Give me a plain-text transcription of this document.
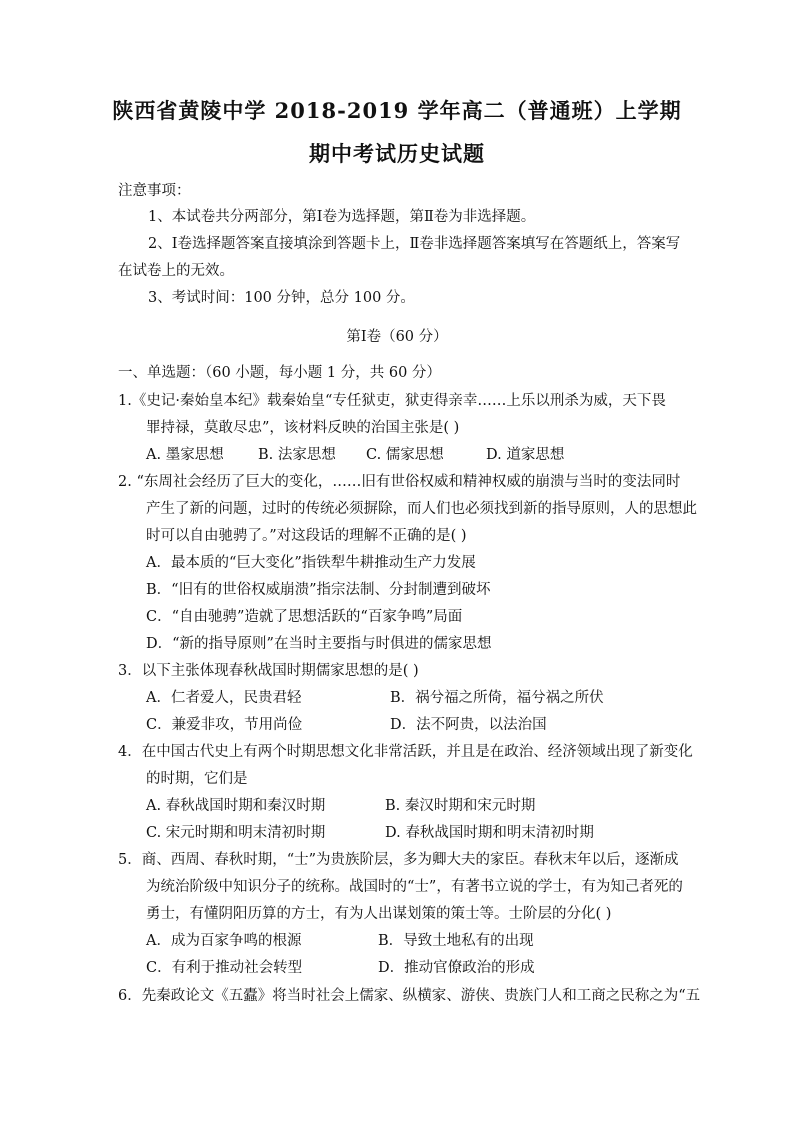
陕西省黄陵中学 2018-2019 学年高二（普通班）上学期
期中考试历史试题
注意事项：
1、本试卷共分两部分，第Ⅰ卷为选择题，第Ⅱ卷为非选择题。
2、Ⅰ卷选择题答案直接填涂到答题卡上，Ⅱ卷非选择题答案填写在答题纸上，答案写
在试卷上的无效。
3、考试时间：100 分钟，总分 100 分。
第Ⅰ卷（60 分）
一、单选题：（60 小题，每小题 1 分，共 60 分）
1.《史记·秦始皇本纪》载秦始皇“专任狱吏，狱吏得亲幸……上乐以刑杀为威，天下畏
罪持禄，莫敢尽忠”，该材料反映的治国主张是( )
A. 墨家思想 B. 法家思想 C. 儒家思想	D. 道家思想
2. “东周社会经历了巨大的变化，……旧有世俗权威和精神权威的崩溃与当时的变法同时
产生了新的问题，过时的传统必须摒除，而人们也必须找到新的指导原则，人的思想此
时可以自由驰骋了。”对这段话的理解不正确的是( )
A．最本质的“巨大变化”指铁犁牛耕推动生产力发展
B．“旧有的世俗权威崩溃”指宗法制、分封制遭到破坏
C．“自由驰骋”造就了思想活跃的“百家争鸣”局面
D．“新的指导原则”在当时主要指与时俱进的儒家思想
3．以下主张体现春秋战国时期儒家思想的是( )
A．仁者爱人，民贵君轻	B．祸兮福之所倚，福兮祸之所伏
C．兼爱非攻，节用尚俭	D．法不阿贵，以法治国
4．在中国古代史上有两个时期思想文化非常活跃，并且是在政治、经济领域出现了新变化
的时期，它们是
A. 春秋战国时期和秦汉时期	B. 秦汉时期和宋元时期
C. 宋元时期和明末清初时期	D. 春秋战国时期和明末清初时期
5．商、西周、春秋时期，“士”为贵族阶层，多为卿大夫的家臣。春秋末年以后，逐渐成
为统治阶级中知识分子的统称。战国时的“士”，有著书立说的学士，有为知己者死的
勇士，有懂阴阳历算的方士，有为人出谋划策的策士等。士阶层的分化( )
A．成为百家争鸣的根源	B．导致土地私有的出现
C．有利于推动社会转型	D．推动官僚政治的形成
6．先秦政论文《五蠹》将当时社会上儒家、纵横家、游侠、贵族门人和工商之民称之为“五
